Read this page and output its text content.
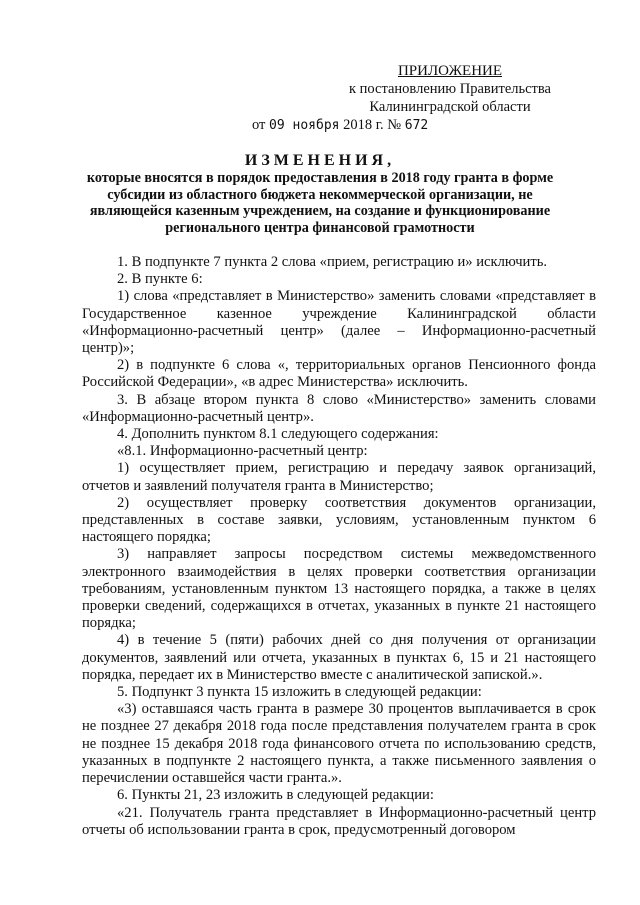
ПРИЛОЖЕНИЕ
к постановлению Правительства
Калининградской области
от 09 ноября 2018 г. № 672
ИЗМЕНЕНИЯ,
которые вносятся в порядок предоставления в 2018 году гранта в форме субсидии из областного бюджета некоммерческой организации, не являющейся казенным учреждением, на создание и функционирование регионального центра финансовой грамотности

1. В подпункте 7 пункта 2 слова «прием, регистрацию и» исключить.

2. В пункте 6:

1) слова «представляет в Министерство» заменить словами «представляет в Государственное казенное учреждение Калининградской области «Информационно-расчетный центр» (далее – Информационно-расчетный центр)»;

2) в подпункте 6 слова «, территориальных органов Пенсионного фонда Российской Федерации», «в адрес Министерства» исключить.

3. В абзаце втором пункта 8 слово «Министерство» заменить словами «Информационно-расчетный центр».

4. Дополнить пунктом 8.1 следующего содержания:

«8.1. Информационно-расчетный центр:

1) осуществляет прием, регистрацию и передачу заявок организаций, отчетов и заявлений получателя гранта в Министерство;

2) осуществляет проверку соответствия документов организации, представленных в составе заявки, условиям, установленным пунктом 6 настоящего порядка;

3) направляет запросы посредством системы межведомственного электронного взаимодействия в целях проверки соответствия организации требованиям, установленным пунктом 13 настоящего порядка, а также в целях проверки сведений, содержащихся в отчетах, указанных в пункте 21 настоящего порядка;

4) в течение 5 (пяти) рабочих дней со дня получения от организации документов, заявлений или отчета, указанных в пунктах 6, 15 и 21 настоящего порядка, передает их в Министерство вместе с аналитической запиской.».

5. Подпункт 3 пункта 15 изложить в следующей редакции:

«3) оставшаяся часть гранта в размере 30 процентов выплачивается в срок не позднее 27 декабря 2018 года после представления получателем гранта в срок не позднее 15 декабря 2018 года финансового отчета по использованию средств, указанных в подпункте 2 настоящего пункта, а также письменного заявления о перечислении оставшейся части гранта.».

6. Пункты 21, 23 изложить в следующей редакции:

«21. Получатель гранта представляет в Информационно-расчетный центр отчеты об использовании гранта в срок, предусмотренный договором
